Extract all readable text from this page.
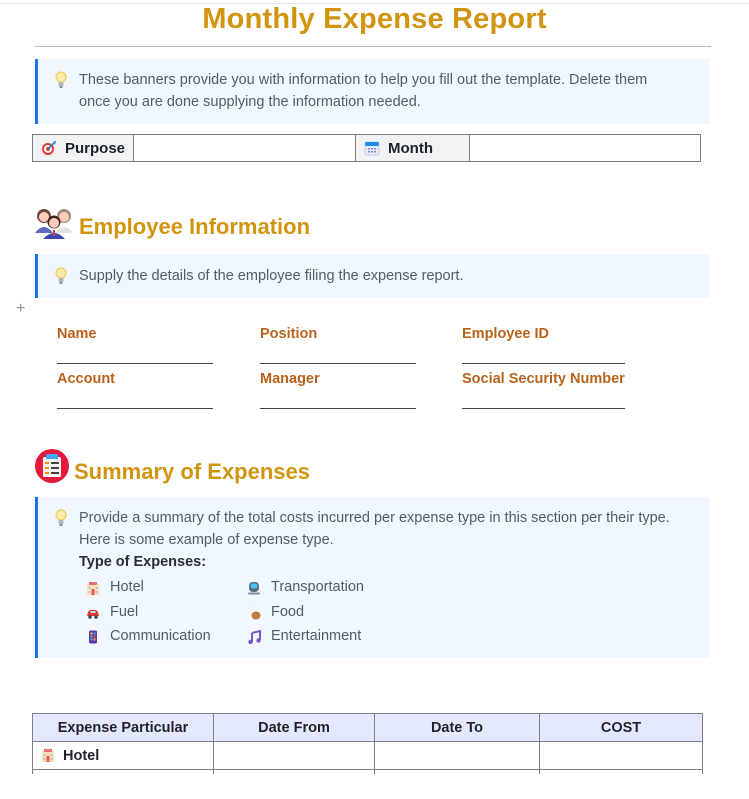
Monthly Expense Report
These banners provide you with information to help you fill out the template. Delete them
once you are done supplying the information needed.
Purpose	Month
Employee Information
Supply the details of the employee filing the expense report.
+
Name	Position	Employee ID
Account	Manager	Social Security Number
Summary of Expenses
Provide a summary of the total costs incurred per expense type in this section per their type.
Here is some example of expense type.
Type of Expenses:
Hotel	Transportation
Fuel	Food
Communication	Entertainment
Expense Particular	Date From	Date To	COST
Hotel			
